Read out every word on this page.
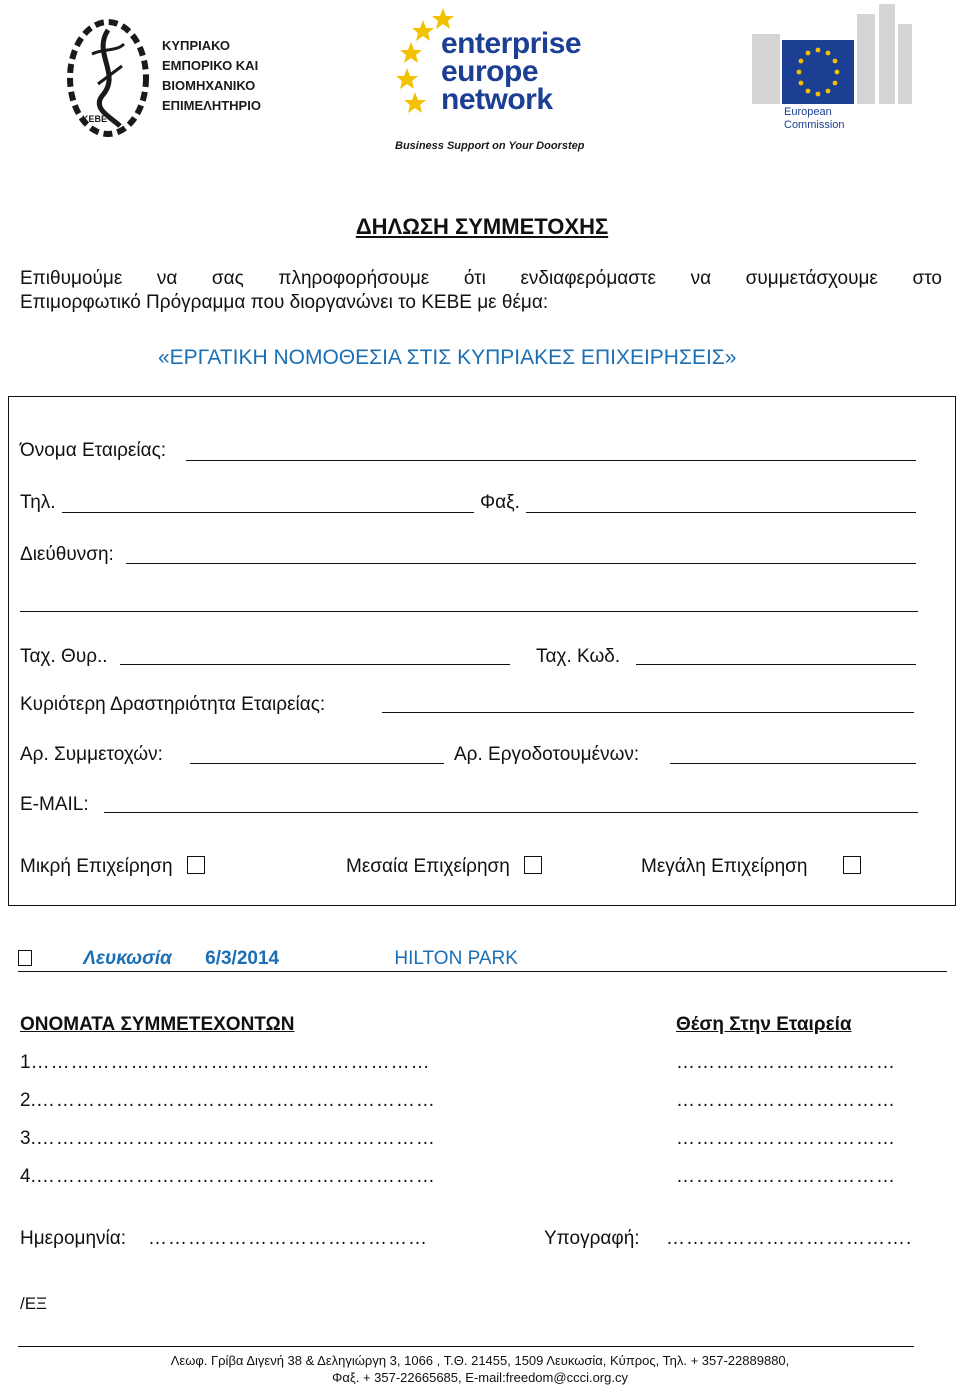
ΚΕΒΕ
ΚΥΠΡΙΑΚΟ
ΕΜΠΟΡΙΚΟ ΚΑΙ
ΒΙΟΜΗΧΑΝΙΚΟ
ΕΠΙΜΕΛΗΤΗΡΙΟ
enterprise
europe
network
Business Support on Your Doorstep
European
Commission
ΔΗΛΩΣΗ ΣΥΜΜΕΤΟΧΗΣ
Επιθυμούμε να σας πληροφορήσουμε ότι ενδιαφερόμαστε να συμμετάσχουμε στο
Επιμορφωτικό Πρόγραμμα που διοργανώνει το ΚΕΒΕ με θέμα:
«ΕΡΓΑΤΙΚΗ ΝΟΜΟΘΕΣΙΑ ΣΤΙΣ ΚΥΠΡΙΑΚΕΣ ΕΠΙΧΕΙΡΗΣΕΙΣ»
Όνομα Εταιρείας:
Τηλ.	Φαξ.
Διεύθυνση:
Ταχ. Θυρ..	Ταχ. Κωδ.
Κυριότερη Δραστηριότητα Εταιρείας:
Αρ. Συμμετοχών:	Αρ. Εργοδοτουμένων:
E-MAIL:
Μικρή Επιχείρηση	Μεσαία Επιχείρηση	Μεγάλη Επιχείρηση
Λευκωσία 6/3/2014	HILTON PARK
ΟΝΟΜΑΤΑ ΣΥΜΜΕΤΕΧΟΝΤΩΝ	Θέση Στην Εταιρεία
1……………………………………………………	……………………………
2.……………………………………………………	……………………………
3.……………………………………………………	……………………………
4.……………………………………………………	……………………………
Ημερομηνία: ……………………………………	Υπογραφή: ……………………………….
/ΕΞ
Λεωφ. Γρίβα Διγενή 38 & Δεληγιώργη 3, 1066 , Τ.Θ. 21455, 1509 Λευκωσία, Κύπρος, Τηλ. + 357-22889880,
Φαξ. + 357-22665685, E-mail:freedom@ccci.org.cy
